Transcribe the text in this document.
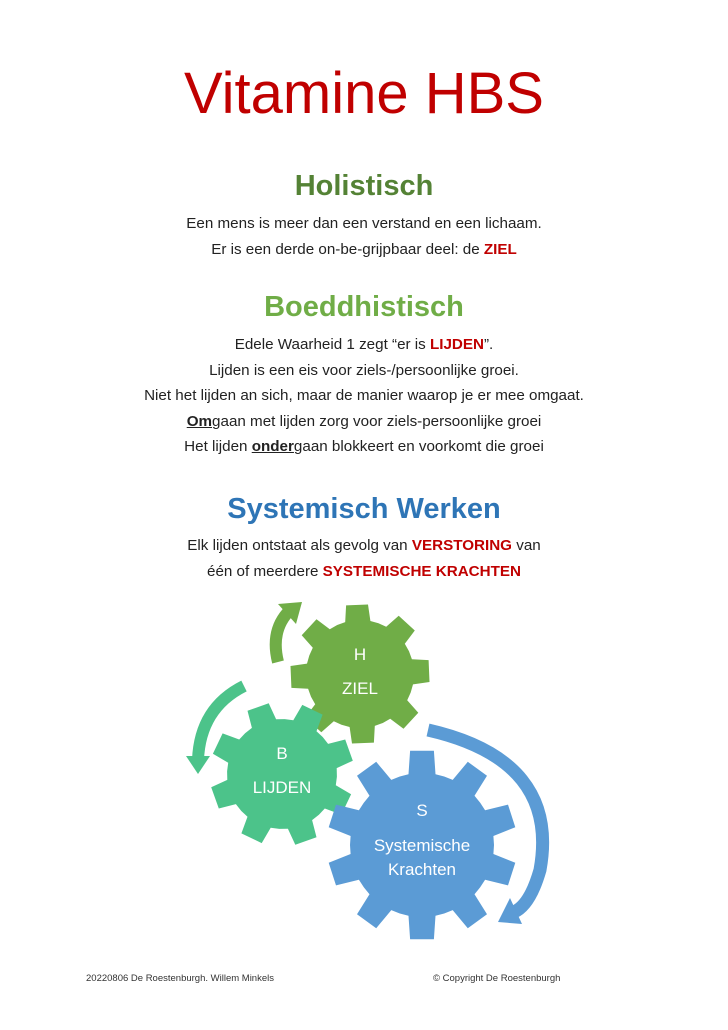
Vitamine HBS
Holistisch
Een mens is meer dan een verstand en een lichaam.
Er is een derde on-be-grijpbaar deel: de ZIEL
Boeddhistisch
Edele Waarheid 1 zegt “er is LIJDEN”.
Lijden is een eis voor ziels-/persoonlijke groei.
Niet het lijden an sich, maar de manier waarop je er mee omgaat.
Omgaan met lijden zorg voor ziels-persoonlijke groei
Het lijden ondergaan blokkeert en voorkomt die groei
Systemisch Werken
Elk lijden ontstaat als gevolg van VERSTORING van
één of meerdere SYSTEMISCHE KRACHTEN
H
ZIEL
B
LIJDEN
S
Systemische
Krachten
20220806 De Roestenburgh. Willem Minkels	© Copyright De Roestenburgh
